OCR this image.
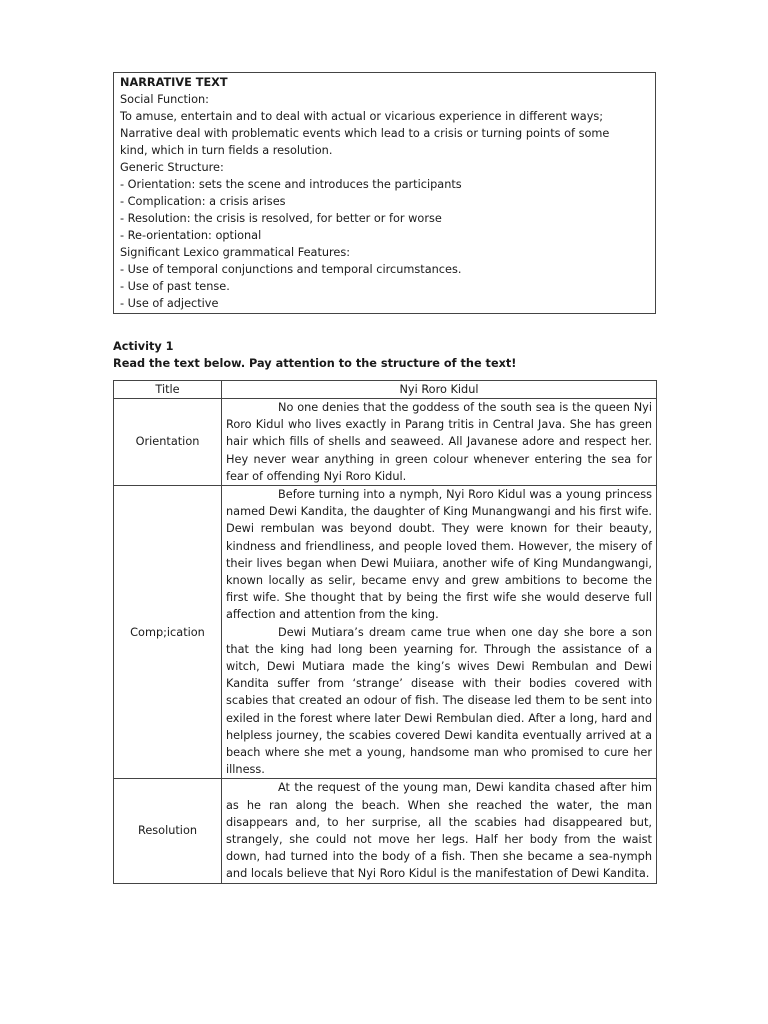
NARRATIVE TEXT

Social Function:

To amuse, entertain and to deal with actual or vicarious experience in different ways;

Narrative deal with problematic events which lead to a crisis or turning points of some

kind, which in turn fields a resolution.

Generic Structure:

- Orientation: sets the scene and introduces the participants

- Complication: a crisis arises

- Resolution: the crisis is resolved, for better or for worse

- Re-orientation: optional

Significant Lexico grammatical Features:

- Use of temporal conjunctions and temporal circumstances.

- Use of past tense.

- Use of adjective

Activity 1

Read the text below. Pay attention to the structure of the text!

Title	Nyi Roro Kidul
Orientation	No one denies that the goddess of the south sea is the queen Nyi Roro Kidul who lives exactly in Parang tritis in Central Java. She has green hair which fills of shells and seaweed. All Javanese adore and respect her. Hey never wear anything in green colour whenever entering the sea for fear of offending Nyi Roro Kidul.

Comp;ication	Before turning into a nymph, Nyi Roro Kidul was a young princess named Dewi Kandita, the daughter of King Munangwangi and his first wife. Dewi rembulan was beyond doubt. They were known for their beauty, kindness and friendliness, and people loved them. However, the misery of their lives began when Dewi Muiiara, another wife of King Mundangwangi, known locally as selir, became envy and grew ambitions to become the first wife. She thought that by being the first wife she would deserve full affection and attention from the king.

Dewi Mutiara’s dream came true when one day she bore a son that the king had long been yearning for. Through the assistance of a witch, Dewi Mutiara made the king’s wives Dewi Rembulan and Dewi Kandita suffer from ‘strange’ disease with their bodies covered with scabies that created an odour of fish. The disease led them to be sent into exiled in the forest where later Dewi Rembulan died. After a long, hard and helpless journey, the scabies covered Dewi kandita eventually arrived at a beach where she met a young, handsome man who promised to cure her illness.

Resolution	At the request of the young man, Dewi kandita chased after him as he ran along the beach. When she reached the water, the man disappears and, to her surprise, all the scabies had disappeared but, strangely, she could not move her legs. Half her body from the waist down, had turned into the body of a fish. Then she became a sea-nymph and locals believe that Nyi Roro Kidul is the manifestation of Dewi Kandita.
